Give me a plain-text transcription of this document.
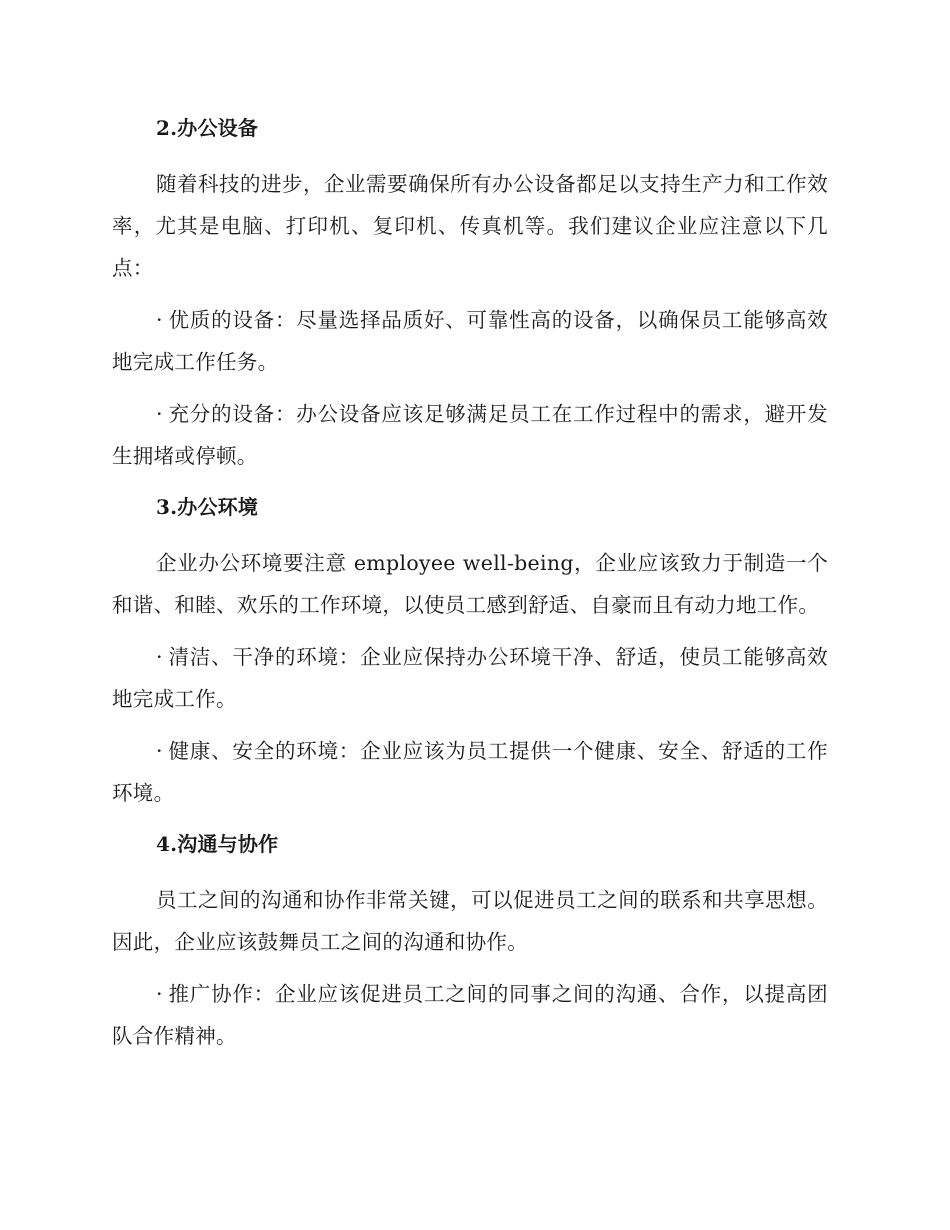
2.办公设备

随着科技的进步，企业需要确保所有办公设备都足以支持生产力和工作效率，尤其是电脑、打印机、复印机、传真机等。我们建议企业应注意以下几点：

· 优质的设备：尽量选择品质好、可靠性高的设备，以确保员工能够高效地完成工作任务。

· 充分的设备：办公设备应该足够满足员工在工作过程中的需求，避开发生拥堵或停顿。

3.办公环境

企业办公环境要注意 employee well-being，企业应该致力于制造一个和谐、和睦、欢乐的工作环境，以使员工感到舒适、自豪而且有动力地工作。

· 清洁、干净的环境：企业应保持办公环境干净、舒适，使员工能够高效地完成工作。

· 健康、安全的环境：企业应该为员工提供一个健康、安全、舒适的工作环境。

4.沟通与协作

员工之间的沟通和协作非常关键，可以促进员工之间的联系和共享思想。因此，企业应该鼓舞员工之间的沟通和协作。

· 推广协作：企业应该促进员工之间的同事之间的沟通、合作，以提高团队合作精神。
